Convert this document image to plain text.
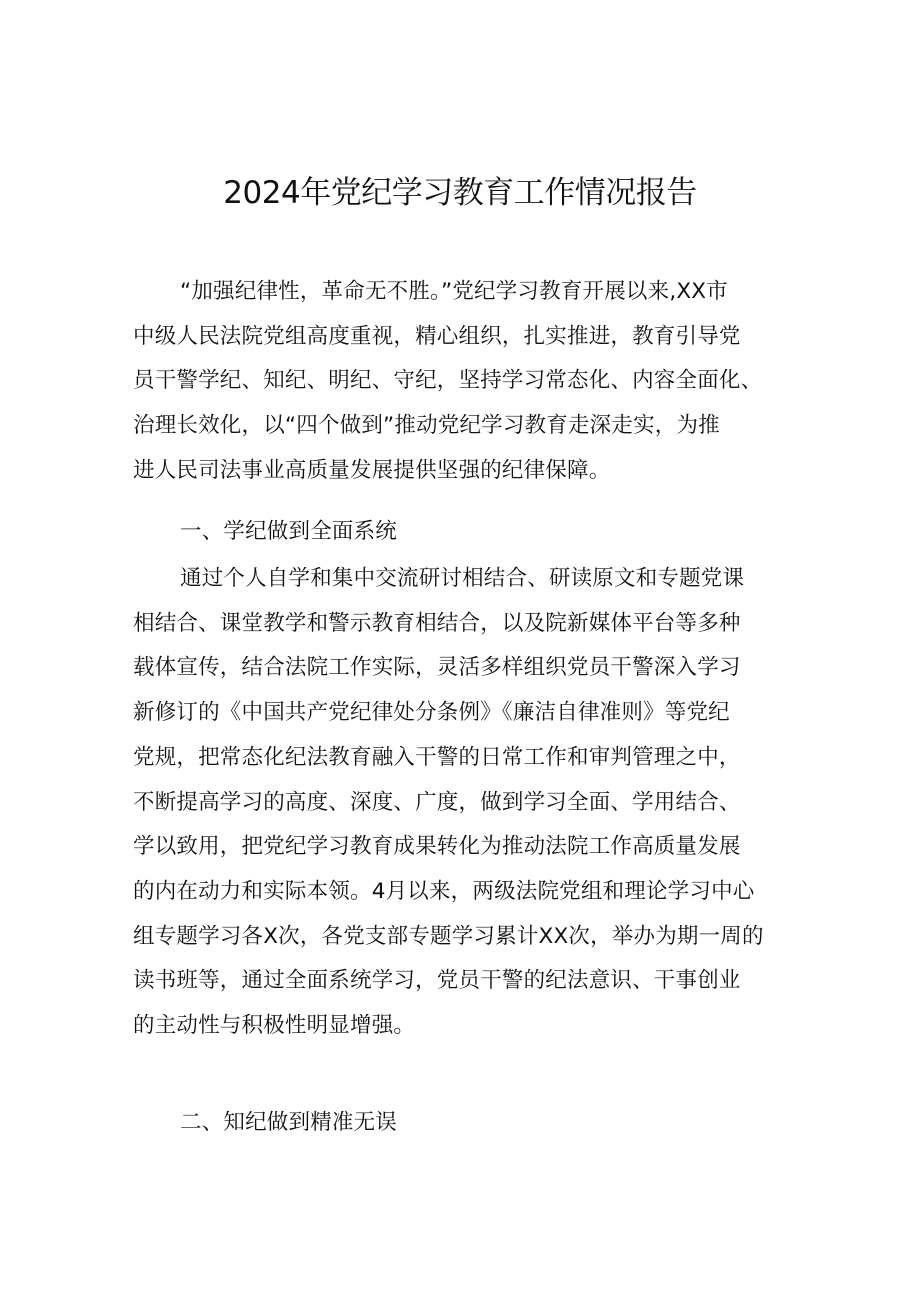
2024年党纪学习教育工作情况报告
“加强纪律性，革命无不胜。”党纪学习教育开展以来,XX市
中级人民法院党组高度重视，精心组织，扎实推进，教育引导党
员干警学纪、知纪、明纪、守纪，坚持学习常态化、内容全面化、
治理长效化，以“四个做到”推动党纪学习教育走深走实，为推
进人民司法事业高质量发展提供坚强的纪律保障。
一、学纪做到全面系统
通过个人自学和集中交流研讨相结合、研读原文和专题党课
相结合、课堂教学和警示教育相结合，以及院新媒体平台等多种
载体宣传，结合法院工作实际，灵活多样组织党员干警深入学习
新修订的《中国共产党纪律处分条例》《廉洁自律准则》等党纪
党规，把常态化纪法教育融入干警的日常工作和审判管理之中，
不断提高学习的高度、深度、广度，做到学习全面、学用结合、
学以致用，把党纪学习教育成果转化为推动法院工作高质量发展
的内在动力和实际本领。4月以来，两级法院党组和理论学习中心
组专题学习各X次，各党支部专题学习累计XX次，举办为期一周的
读书班等，通过全面系统学习，党员干警的纪法意识、干事创业
的主动性与积极性明显增强。
二、知纪做到精准无误
